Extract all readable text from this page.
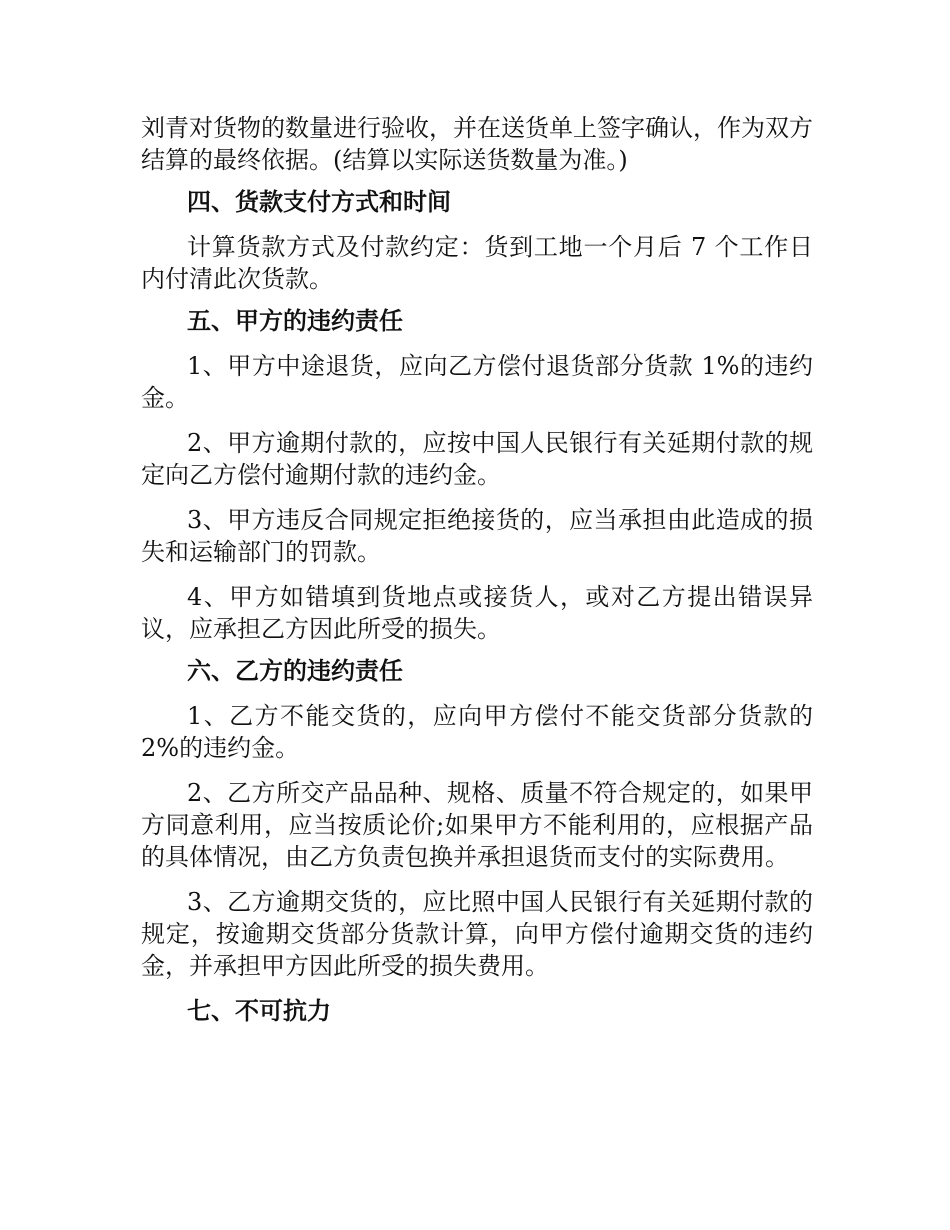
刘青对货物的数量进行验收，并在送货单上签字确认，作为双方结算的最终依据。(结算以实际送货数量为准。)

四、货款支付方式和时间

计算货款方式及付款约定：货到工地一个月后 7 个工作日内付清此次货款。

五、甲方的违约责任

1、甲方中途退货，应向乙方偿付退货部分货款 1%的违约金。

2、甲方逾期付款的，应按中国人民银行有关延期付款的规定向乙方偿付逾期付款的违约金。

3、甲方违反合同规定拒绝接货的，应当承担由此造成的损失和运输部门的罚款。

4、甲方如错填到货地点或接货人，或对乙方提出错误异议，应承担乙方因此所受的损失。

六、乙方的违约责任

1、乙方不能交货的，应向甲方偿付不能交货部分货款的2%的违约金。

2、乙方所交产品品种、规格、质量不符合规定的，如果甲方同意利用，应当按质论价;如果甲方不能利用的，应根据产品的具体情况，由乙方负责包换并承担退货而支付的实际费用。

3、乙方逾期交货的，应比照中国人民银行有关延期付款的规定，按逾期交货部分货款计算，向甲方偿付逾期交货的违约金，并承担甲方因此所受的损失费用。

七、不可抗力
